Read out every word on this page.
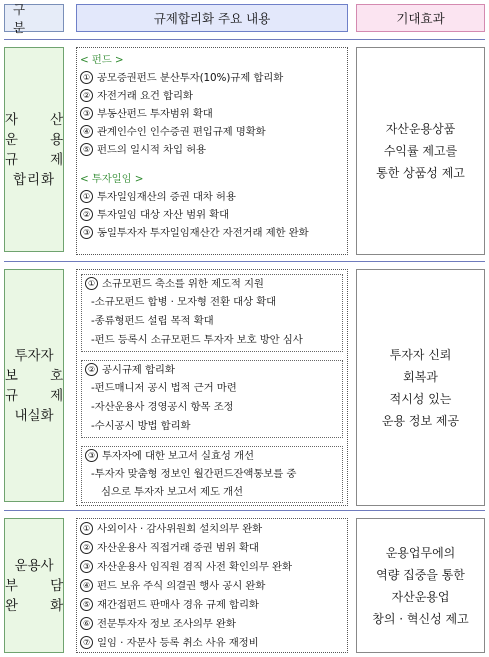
구 분
규제합리화 주요 내용	기대효과
자 산
운 용
규 제
합리화
< 펀드 >
① 공모증권펀드 분산투자(10%)규제 합리화
② 자전거래 요건 합리화
③ 부동산펀드 투자범위 확대
④ 관계인수인 인수증권 편입규제 명확화
⑤ 펀드의 일시적 차입 허용
< 투자일임 >
① 투자일임재산의 증권 대차 허용
② 투자일임 대상 자산 범위 확대
③ 동일투자자 투자일임재산간 자전거래 제한 완화
자산운용상품
수익률 제고를
통한 상품성 제고
투자자
보 호
규 제
내실화
① 소규모펀드 축소를 위한 제도적 지원
-소규모펀드 합병 · 모자형 전환 대상 확대
-종류형펀드 설립 목적 확대
-펀드 등록시 소규모펀드 투자자 보호 방안 심사
② 공시규제 합리화
-펀드매니저 공시 법적 근거 마련
-자산운용사 경영공시 항목 조정
-수시공시 방법 합리화
③ 투자자에 대한 보고서 실효성 개선
-투자자 맞춤형 정보인 월간펀드잔액통보를 중
심으로 투자자 보고서 제도 개선
투자자 신뢰
회복과
적시성 있는
운용 정보 제공
운용사
부 담
완 화
① 사외이사 · 감사위원회 설치의무 완화
② 자산운용사 직접거래 증권 범위 확대
③ 자산운용사 임직원 겸직 사전 확인의무 완화
④ 펀드 보유 주식 의결권 행사 공시 완화
⑤ 재간접펀드 판매사 경유 규제 합리화
⑥ 전문투자자 정보 조사의무 완화
⑦ 일임 · 자문사 등록 취소 사유 재정비
운용업무에의
역량 집중을 통한
자산운용업
창의 · 혁신성 제고
